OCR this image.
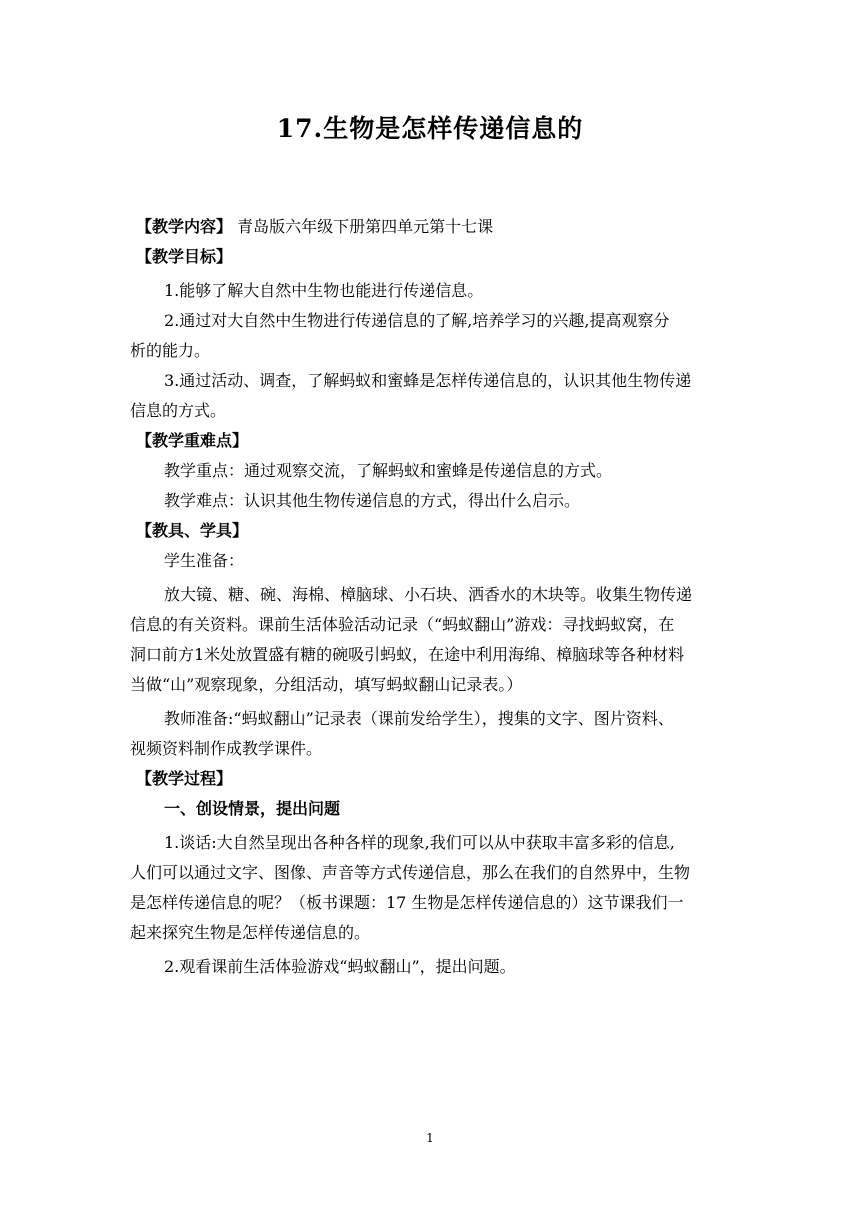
17.生物是怎样传递信息的
【教学内容】 青岛版六年级下册第四单元第十七课
【教学目标】
1.能够了解大自然中生物也能进行传递信息。
2.通过对大自然中生物进行传递信息的了解,培养学习的兴趣,提高观察分
析的能力。
3.通过活动、调查，了解蚂蚁和蜜蜂是怎样传递信息的，认识其他生物传递
信息的方式。
【教学重难点】
教学重点：通过观察交流，了解蚂蚁和蜜蜂是传递信息的方式。
教学难点：认识其他生物传递信息的方式，得出什么启示。
【教具、学具】
学生准备：
放大镜、糖、碗、海棉、樟脑球、小石块、洒香水的木块等。收集生物传递
信息的有关资料。课前生活体验活动记录（“蚂蚁翻山”游戏：寻找蚂蚁窝，在
洞口前方1米处放置盛有糖的碗吸引蚂蚁，在途中利用海绵、樟脑球等各种材料
当做“山”观察现象，分组活动，填写蚂蚁翻山记录表。）
教师准备:“蚂蚁翻山”记录表（课前发给学生），搜集的文字、图片资料、
视频资料制作成教学课件。
【教学过程】
一、创设情景，提出问题
1.谈话:大自然呈现出各种各样的现象,我们可以从中获取丰富多彩的信息,
人们可以通过文字、图像、声音等方式传递信息，那么在我们的自然界中，生物
是怎样传递信息的呢？（板书课题：17 生物是怎样传递信息的）这节课我们一
起来探究生物是怎样传递信息的。
2.观看课前生活体验游戏“蚂蚁翻山”，提出问题。
1
